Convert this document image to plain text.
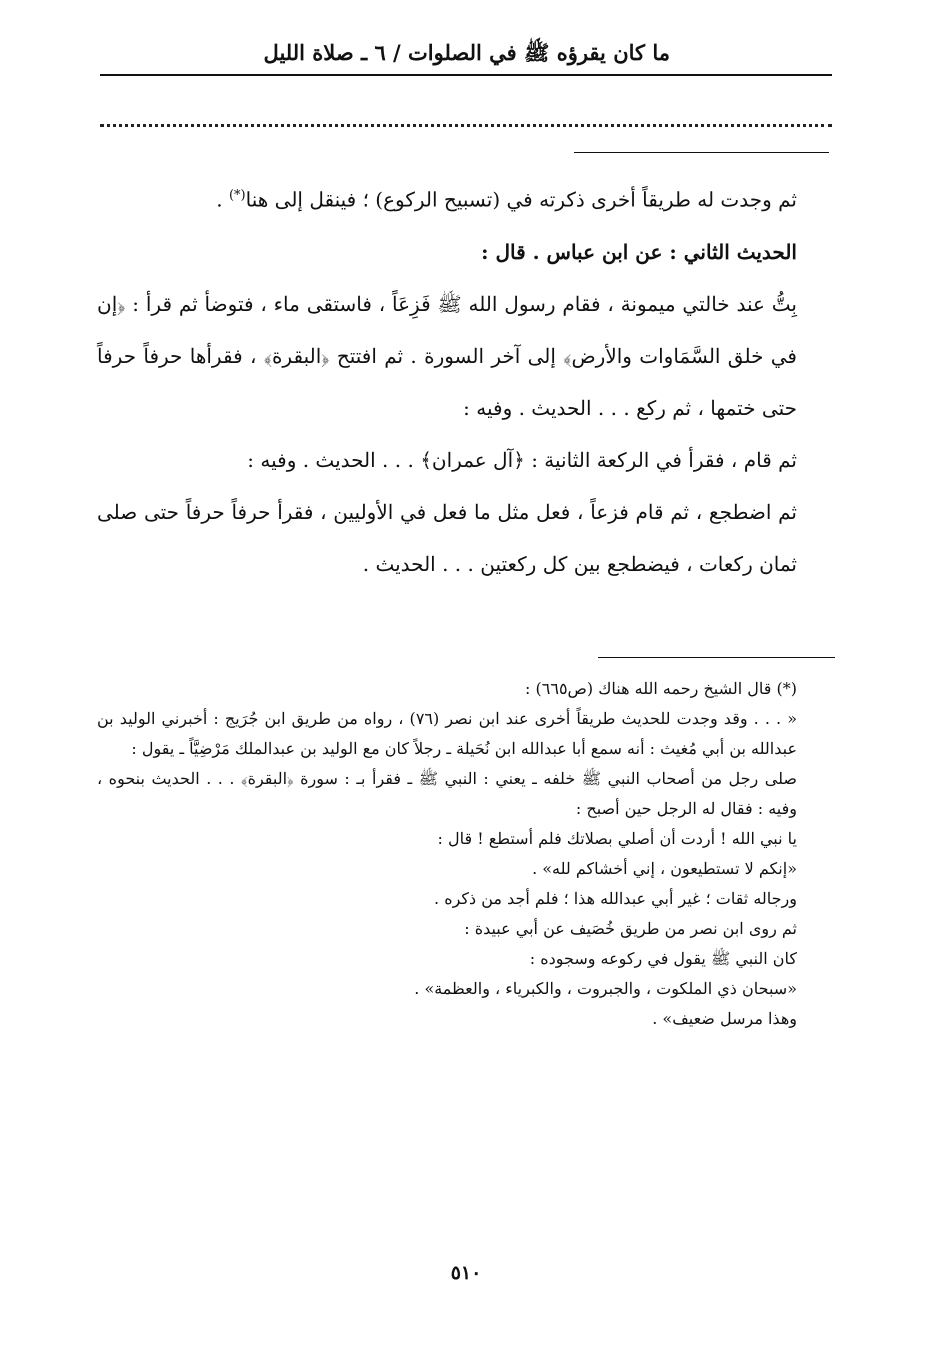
ما كان يقرؤه ﷺ في الصلوات / ٦ ـ صلاة الليل

ثم وجدت له طريقاً أخرى ذكرته في (تسبيح الركوع) ؛ فينقل إلى هنا(*) .

الحديث الثاني : عن ابن عباس . قال :

بِتُّ عند خالتي ميمونة ، فقام رسول الله ﷺ فَزِعَاً ، فاستقى ماء ، فتوضأ ثم قرأ : ﴿إن في خلق السَّمَاوات والأرض﴾ إلى آخر السورة . ثم افتتح ﴿البقرة﴾ ، فقرأها حرفاً حرفاً حتى ختمها ، ثم ركع . . . الحديث . وفيه :

ثم قام ، فقرأ في الركعة الثانية : ﴿آل عمران﴾ . . . الحديث . وفيه :

ثم اضطجع ، ثم قام فزعاً ، فعل مثل ما فعل في الأوليين ، فقرأ حرفاً حرفاً حتى صلى ثمان ركعات ، فيضطجع بين كل ركعتين . . . الحديث .

(*) قال الشيخ رحمه الله هناك (ص٦٦٥) :

« . . . وقد وجدت للحديث طريقاً أخرى عند ابن نصر (٧٦) ، رواه من طريق ابن جُرَيج : أخبرني الوليد بن عبدالله بن أبي مُغيث : أنه سمع أبا عبدالله ابن نُحَيلة ـ رجلاً كان مع الوليد بن عبدالملك مَرْضِيَّاً ـ يقول :

صلى رجل من أصحاب النبي ﷺ خلفه ـ يعني : النبي ﷺ ـ فقرأ بـ : سورة ﴿البقرة﴾ . . . الحديث بنحوه ، وفيه : فقال له الرجل حين أصبح :

يا نبي الله ! أردت أن أصلي بصلاتك فلم أستطع ! قال :

«إنكم لا تستطيعون ، إني أخشاكم لله» .

ورجاله ثقات ؛ غير أبي عبدالله هذا ؛ فلم أجد من ذكره .

ثم روى ابن نصر من طريق خُصَيف عن أبي عبيدة :

كان النبي ﷺ يقول في ركوعه وسجوده :

«سبحان ذي الملكوت ، والجبروت ، والكبرياء ، والعظمة» .

وهذا مرسل ضعيف» .

٥١٠
